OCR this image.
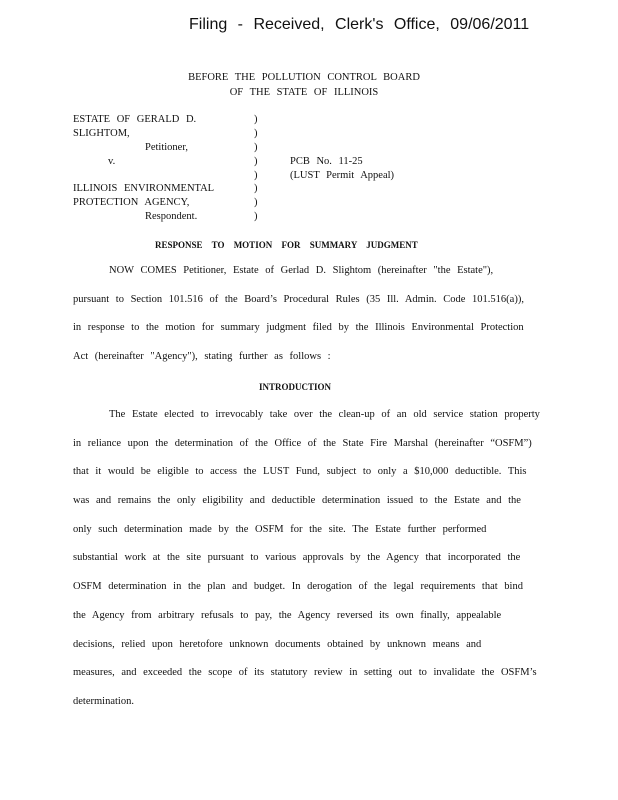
Filing - Received, Clerk's Office, 09/06/2011
BEFORE THE POLLUTION CONTROL BOARD
OF THE STATE OF ILLINOIS
ESTATE OF GERALD D.
SLIGHTOM,
Petitioner,
v.
ILLINOIS ENVIRONMENTAL
PROTECTION AGENCY,
Respondent.
)
)
)
)
)
)
)
)
PCB No. 11-25
(LUST Permit Appeal)
RESPONSE TO MOTION FOR SUMMARY JUDGMENT
NOW COMES Petitioner, Estate of Gerlad D. Slightom (hereinafter "the Estate"),
pursuant to Section 101.516 of the Board’s Procedural Rules (35 Ill. Admin. Code 101.516(a)),
in response to the motion for summary judgment filed by the Illinois Environmental Protection
Act (hereinafter "Agency"), stating further as follows :
INTRODUCTION
The Estate elected to irrevocably take over the clean-up of an old service station property
in reliance upon the determination of the Office of the State Fire Marshal (hereinafter “OSFM”)
that it would be eligible to access the LUST Fund, subject to only a $10,000 deductible. This
was and remains the only eligibility and deductible determination issued to the Estate and the
only such determination made by the OSFM for the site. The Estate further performed
substantial work at the site pursuant to various approvals by the Agency that incorporated the
OSFM determination in the plan and budget. In derogation of the legal requirements that bind
the Agency from arbitrary refusals to pay, the Agency reversed its own finally, appealable
decisions, relied upon heretofore unknown documents obtained by unknown means and
measures, and exceeded the scope of its statutory review in setting out to invalidate the OSFM’s
determination.
